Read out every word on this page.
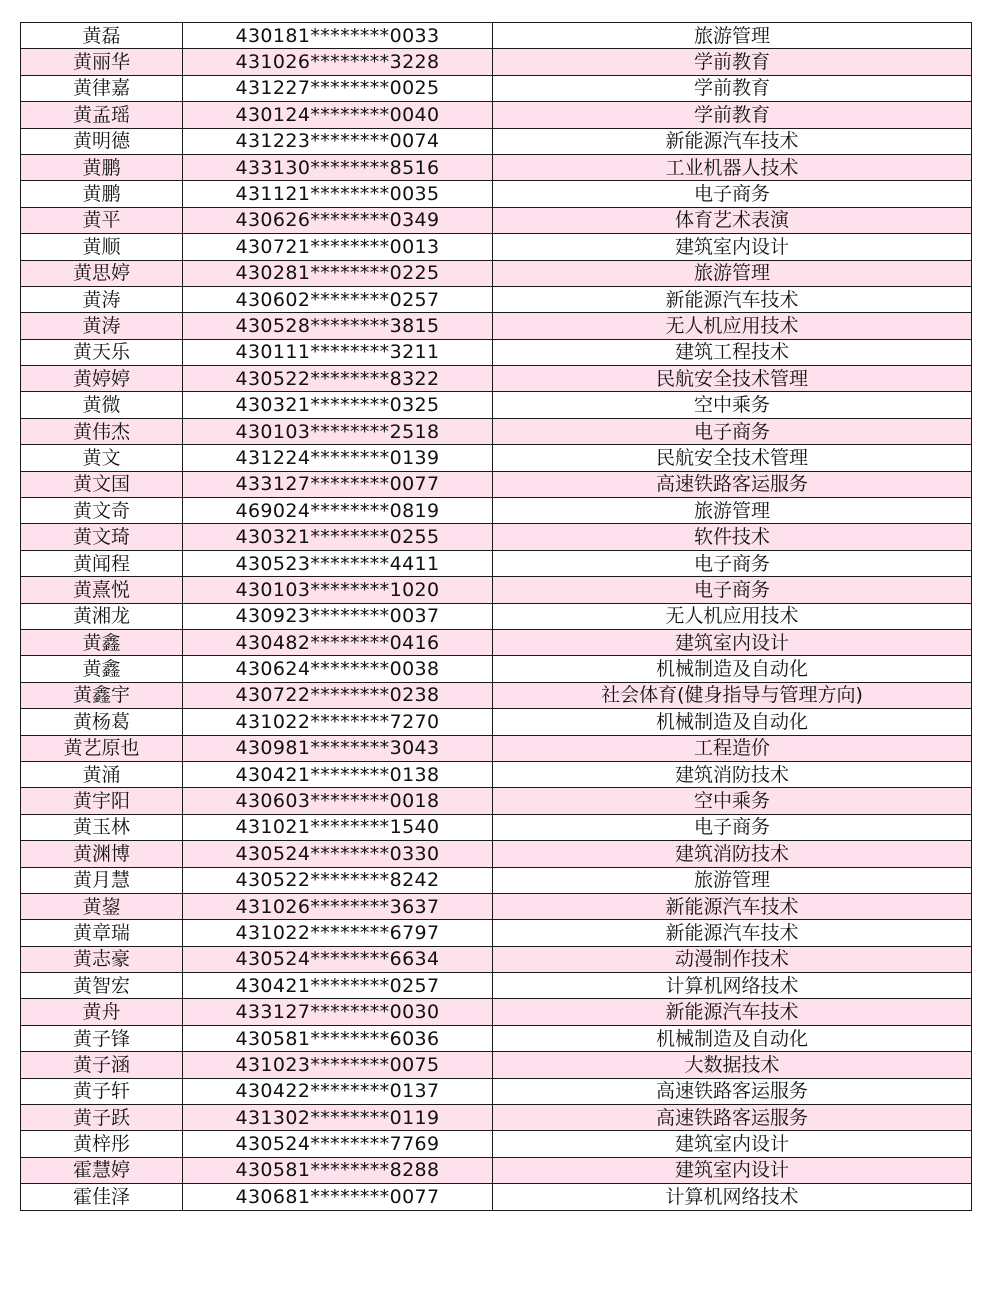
黄磊	430181********0033	旅游管理
黄丽华	431026********3228	学前教育
黄律嘉	431227********0025	学前教育
黄孟瑶	430124********0040	学前教育
黄明德	431223********0074	新能源汽车技术
黄鹏	433130********8516	工业机器人技术
黄鹏	431121********0035	电子商务
黄平	430626********0349	体育艺术表演
黄顺	430721********0013	建筑室内设计
黄思婷	430281********0225	旅游管理
黄涛	430602********0257	新能源汽车技术
黄涛	430528********3815	无人机应用技术
黄天乐	430111********3211	建筑工程技术
黄婷婷	430522********8322	民航安全技术管理
黄微	430321********0325	空中乘务
黄伟杰	430103********2518	电子商务
黄文	431224********0139	民航安全技术管理
黄文国	433127********0077	高速铁路客运服务
黄文奇	469024********0819	旅游管理
黄文琦	430321********0255	软件技术
黄闻程	430523********4411	电子商务
黄熹悦	430103********1020	电子商务
黄湘龙	430923********0037	无人机应用技术
黄鑫	430482********0416	建筑室内设计
黄鑫	430624********0038	机械制造及自动化
黄鑫宇	430722********0238	社会体育(健身指导与管理方向)
黄杨葛	431022********7270	机械制造及自动化
黄艺原也	430981********3043	工程造价
黄涌	430421********0138	建筑消防技术
黄宇阳	430603********0018	空中乘务
黄玉林	431021********1540	电子商务
黄渊博	430524********0330	建筑消防技术
黄月慧	430522********8242	旅游管理
黄鋆	431026********3637	新能源汽车技术
黄章瑞	431022********6797	新能源汽车技术
黄志豪	430524********6634	动漫制作技术
黄智宏	430421********0257	计算机网络技术
黄舟	433127********0030	新能源汽车技术
黄子锋	430581********6036	机械制造及自动化
黄子涵	431023********0075	大数据技术
黄子轩	430422********0137	高速铁路客运服务
黄子跃	431302********0119	高速铁路客运服务
黄梓彤	430524********7769	建筑室内设计
霍慧婷	430581********8288	建筑室内设计
霍佳泽	430681********0077	计算机网络技术
